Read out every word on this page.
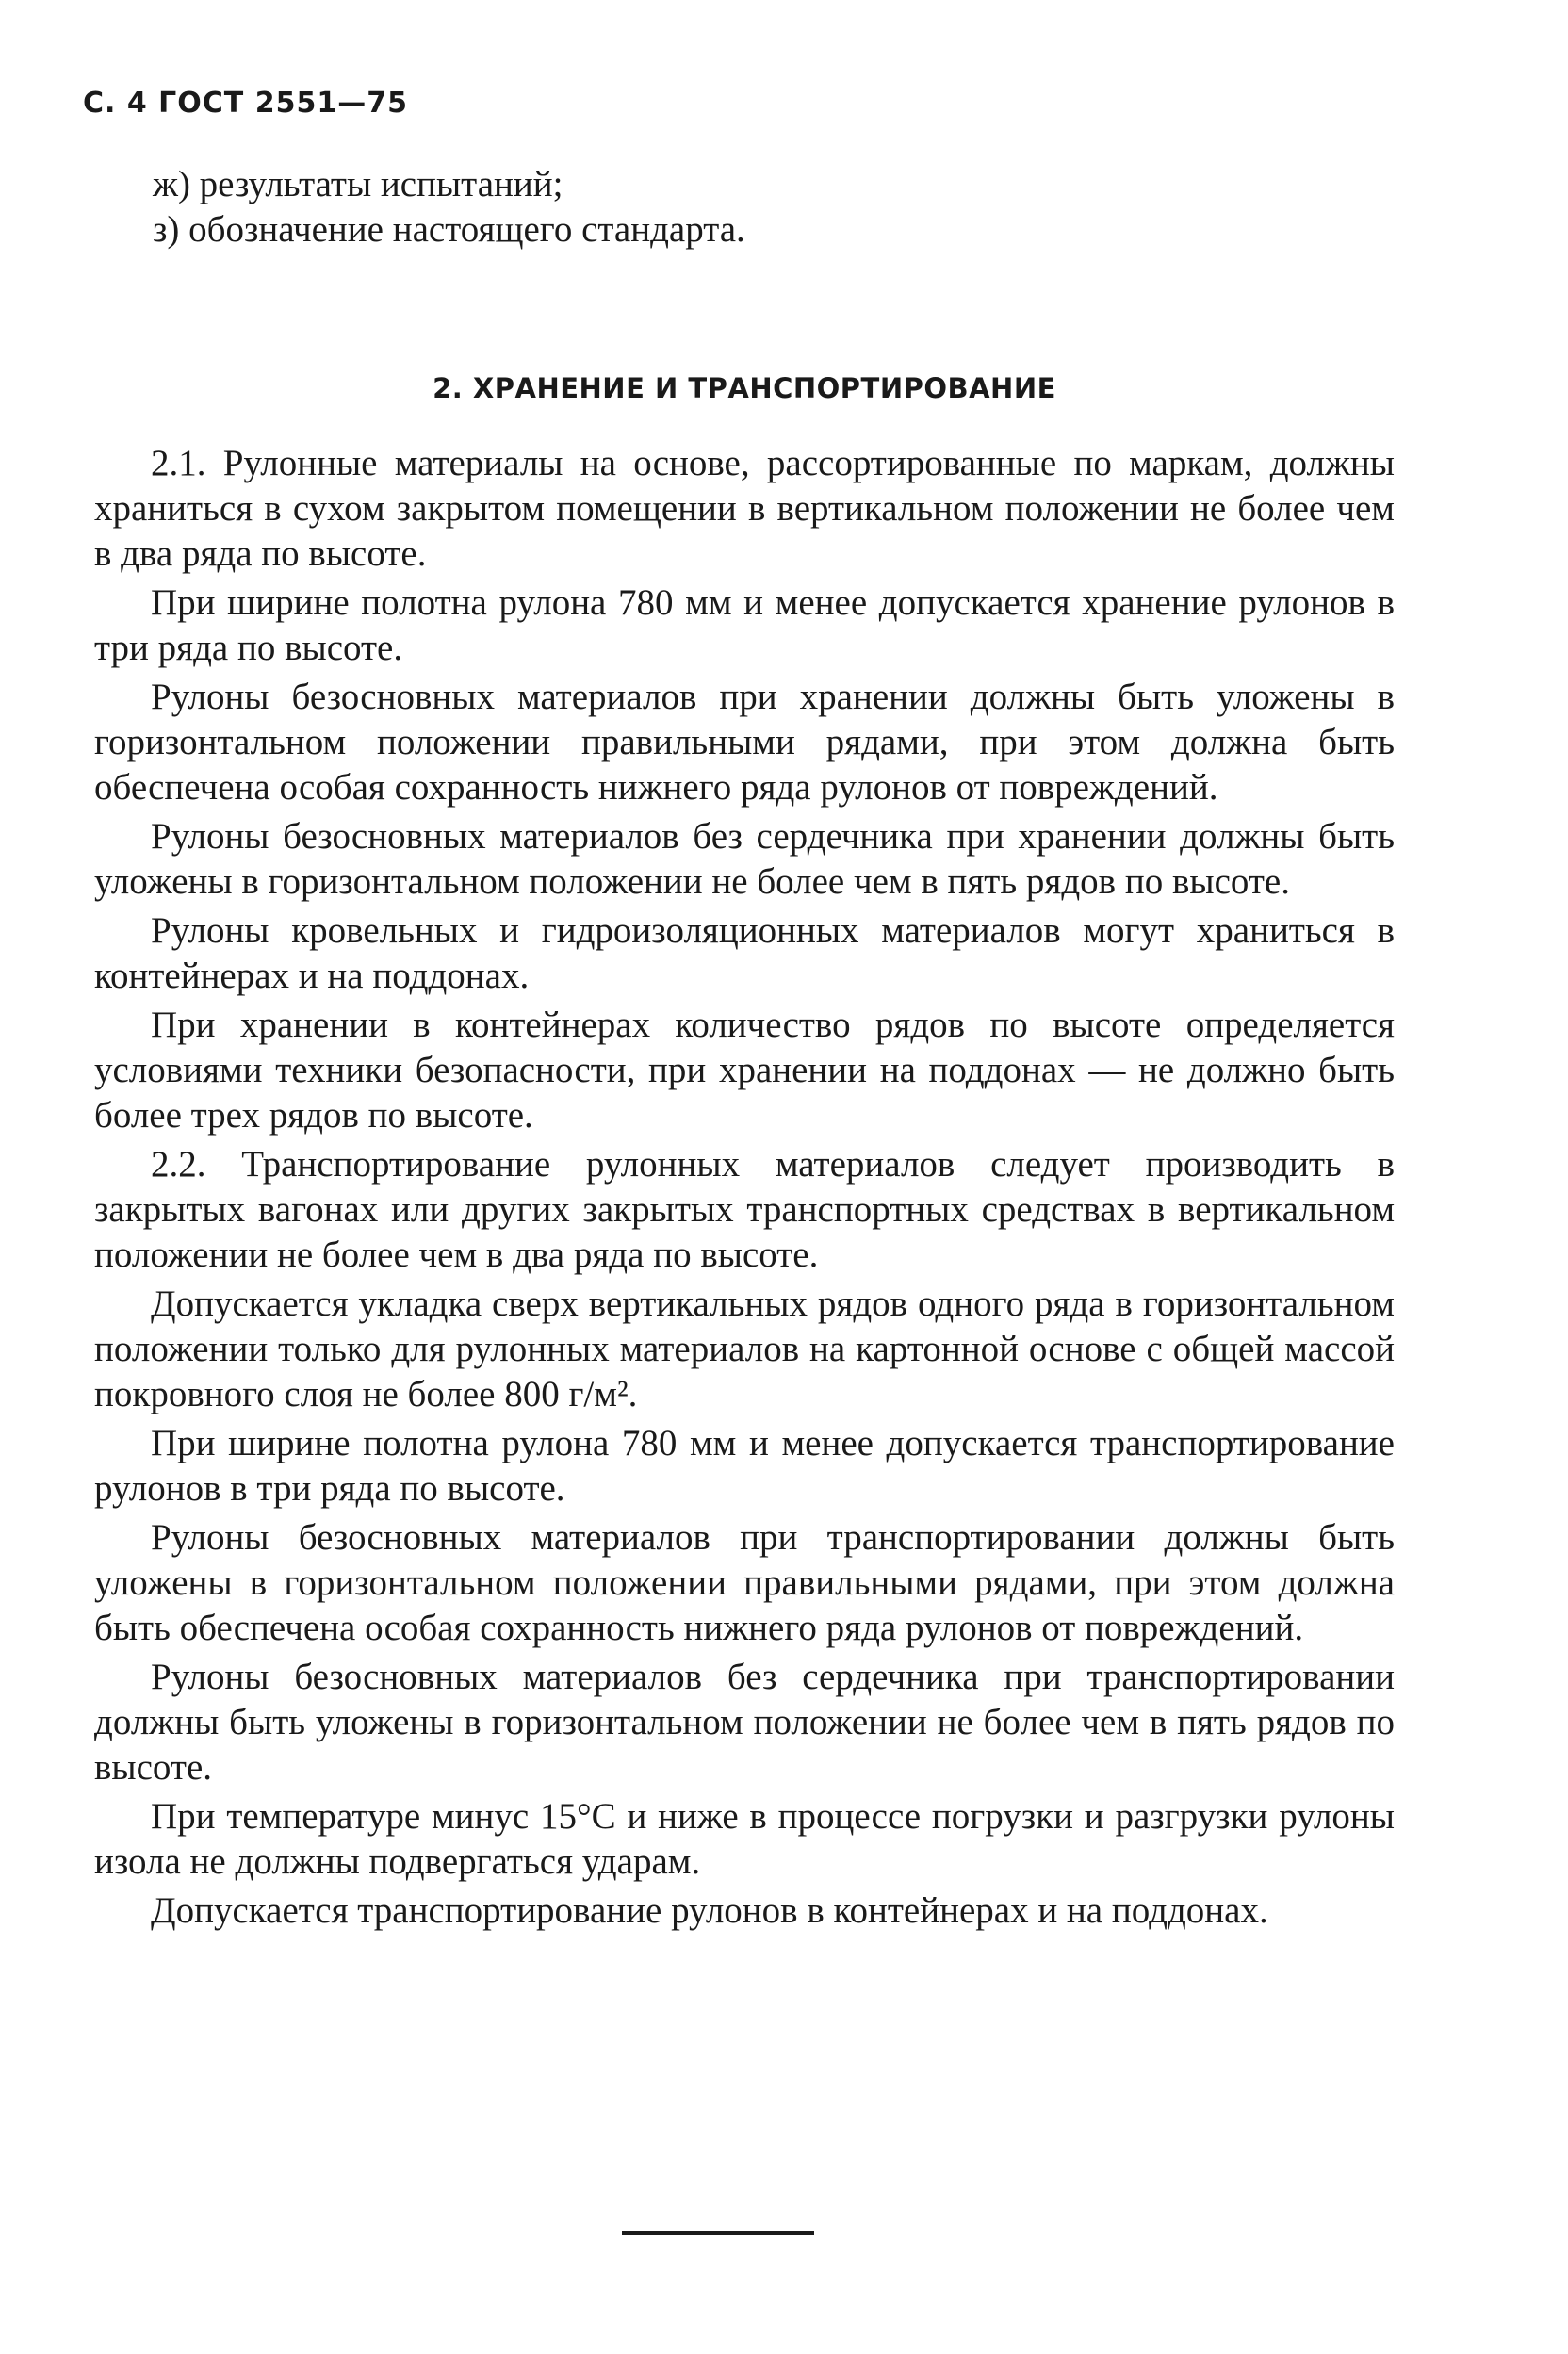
С. 4 ГОСТ 2551—75

ж) результаты испытаний;

з) обозначение настоящего стандарта.

2. ХРАНЕНИЕ И ТРАНСПОРТИРОВАНИЕ

2.1. Рулонные материалы на основе, рассортированные по маркам, должны храниться в сухом закрытом помещении в вертикальном положении не более чем в два ряда по высоте.

При ширине полотна рулона 780 мм и менее допускается хранение рулонов в три ряда по высоте.

Рулоны безосновных материалов при хранении должны быть уложены в горизонтальном положении правильными рядами, при этом должна быть обеспечена особая сохранность нижнего ряда рулонов от повреждений.

Рулоны безосновных материалов без сердечника при хранении должны быть уложены в горизонтальном положении не более чем в пять рядов по высоте.

Рулоны кровельных и гидроизоляционных материалов могут храниться в контейнерах и на поддонах.

При хранении в контейнерах количество рядов по высоте определяется условиями техники безопасности, при хранении на поддонах — не должно быть более трех рядов по высоте.

2.2. Транспортирование рулонных материалов следует производить в закрытых вагонах или других закрытых транспортных средствах в вертикальном положении не более чем в два ряда по высоте.

Допускается укладка сверх вертикальных рядов одного ряда в горизонтальном положении только для рулонных материалов на картонной основе с общей массой покровного слоя не более 800 г/м².

При ширине полотна рулона 780 мм и менее допускается транспортирование рулонов в три ряда по высоте.

Рулоны безосновных материалов при транспортировании должны быть уложены в горизонтальном положении правильными рядами, при этом должна быть обеспечена особая сохранность нижнего ряда рулонов от повреждений.

Рулоны безосновных материалов без сердечника при транспортировании должны быть уложены в горизонтальном положении не более чем в пять рядов по высоте.

При температуре минус 15°С и ниже в процессе погрузки и разгрузки рулоны изола не должны подвергаться ударам.

Допускается транспортирование рулонов в контейнерах и на поддонах.
